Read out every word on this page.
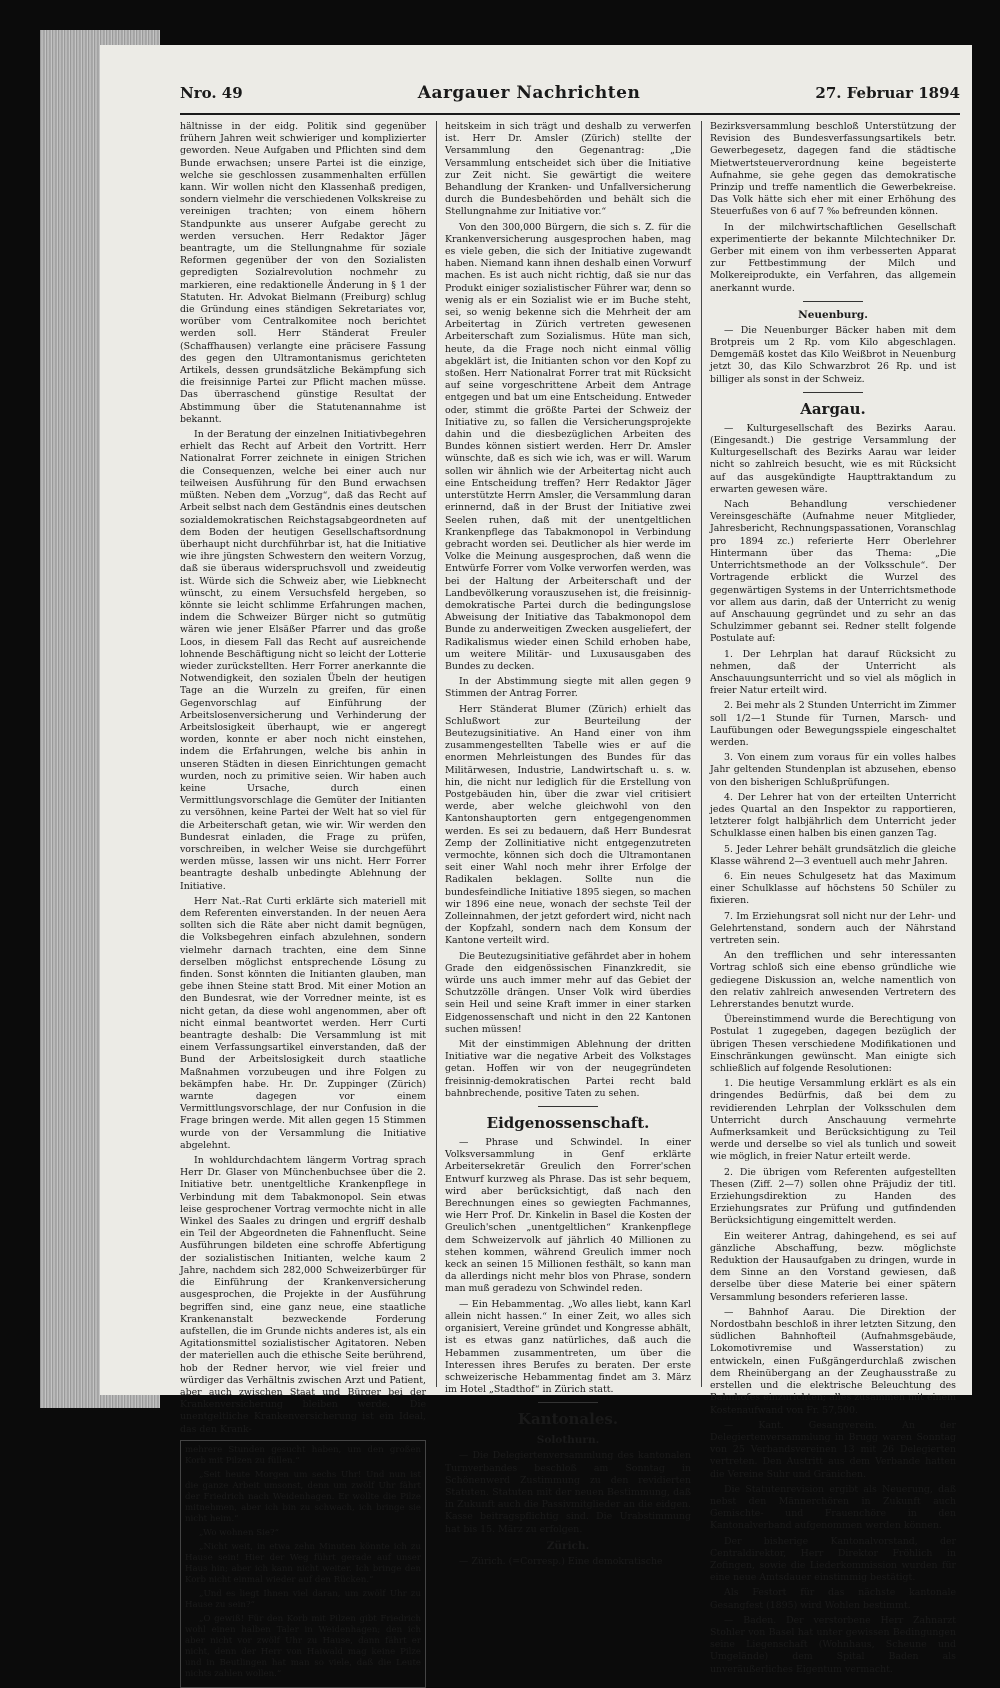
Nro. 49	Aargauer Nachrichten	27. Februar 1894

hältnisse in der eidg. Politik sind gegenüber frühern Jahren weit schwieriger und komplizierter geworden. Neue Aufgaben und Pflichten sind dem Bunde erwachsen; unsere Partei ist die einzige, welche sie geschlossen zusammenhalten erfüllen kann. Wir wollen nicht den Klassenhaß predigen, sondern vielmehr die verschiedenen Volkskreise zu vereinigen trachten; von einem höhern Standpunkte aus unserer Aufgabe gerecht zu werden versuchen. Herr Redaktor Jäger beantragte, um die Stellungnahme für soziale Reformen gegenüber der von den Sozialisten gepredigten Sozialrevolution nochmehr zu markieren, eine redaktionelle Änderung in § 1 der Statuten. Hr. Advokat Bielmann (Freiburg) schlug die Gründung eines ständigen Sekretariates vor, worüber vom Centralkomitee noch berichtet werden soll. Herr Ständerat Freuler (Schaffhausen) verlangte eine präcisere Fassung des gegen den Ultramontanismus gerichteten Artikels, dessen grundsätzliche Bekämpfung sich die freisinnige Partei zur Pflicht machen müsse. Das überraschend günstige Resultat der Abstimmung über die Statutenannahme ist bekannt.

In der Beratung der einzelnen Initiativbegehren erhielt das Recht auf Arbeit den Vortritt. Herr Nationalrat Forrer zeichnete in einigen Strichen die Consequenzen, welche bei einer auch nur teilweisen Ausführung für den Bund erwachsen müßten. Neben dem „Vorzug“, daß das Recht auf Arbeit selbst nach dem Geständnis eines deutschen sozialdemokratischen Reichstagsabgeordneten auf dem Boden der heutigen Gesellschaftsordnung überhaupt nicht durchführbar ist, hat die Initiative wie ihre jüngsten Schwestern den weitern Vorzug, daß sie überaus widerspruchsvoll und zweideutig ist. Würde sich die Schweiz aber, wie Liebknecht wünscht, zu einem Versuchsfeld hergeben, so könnte sie leicht schlimme Erfahrungen machen, indem die Schweizer Bürger nicht so gutmütig wären wie jener Elsäßer Pfarrer und das große Loos, in diesem Fall das Recht auf ausreichende lohnende Beschäftigung nicht so leicht der Lotterie wieder zurückstellten. Herr Forrer anerkannte die Notwendigkeit, den sozialen Übeln der heutigen Tage an die Wurzeln zu greifen, für einen Gegenvorschlag auf Einführung der Arbeitslosenversicherung und Verhinderung der Arbeitslosigkeit überhaupt, wie er angeregt worden, konnte er aber noch nicht einstehen, indem die Erfahrungen, welche bis anhin in unseren Städten in diesen Einrichtungen gemacht wurden, noch zu primitive seien. Wir haben auch keine Ursache, durch einen Vermittlungsvorschlage die Gemüter der Initianten zu versöhnen, keine Partei der Welt hat so viel für die Arbeiterschaft getan, wie wir. Wir werden den Bundesrat einladen, die Frage zu prüfen, vorschreiben, in welcher Weise sie durchgeführt werden müsse, lassen wir uns nicht. Herr Forrer beantragte deshalb unbedingte Ablehnung der Initiative.

Herr Nat.-Rat Curti erklärte sich materiell mit dem Referenten einverstanden. In der neuen Aera sollten sich die Räte aber nicht damit begnügen, die Volksbegehren einfach abzulehnen, sondern vielmehr darnach trachten, eine dem Sinne derselben möglichst entsprechende Lösung zu finden. Sonst könnten die Initianten glauben, man gebe ihnen Steine statt Brod. Mit einer Motion an den Bundesrat, wie der Vorredner meinte, ist es nicht getan, da diese wohl angenommen, aber oft nicht einmal beantwortet werden. Herr Curti beantragte deshalb: Die Versammlung ist mit einem Verfassungsartikel einverstanden, daß der Bund der Arbeitslosigkeit durch staatliche Maßnahmen vorzubeugen und ihre Folgen zu bekämpfen habe. Hr. Dr. Zuppinger (Zürich) warnte dagegen vor einem Vermittlungsvorschlage, der nur Confusion in die Frage bringen werde. Mit allen gegen 15 Stimmen wurde von der Versammlung die Initiative abgelehnt.

In wohldurchdachtem längerm Vortrag sprach Herr Dr. Glaser von Münchenbuchsee über die 2. Initiative betr. unentgeltliche Krankenpflege in Verbindung mit dem Tabakmonopol. Sein etwas leise gesprochener Vortrag vermochte nicht in alle Winkel des Saales zu dringen und ergriff deshalb ein Teil der Abgeordneten die Fahnenflucht. Seine Ausführungen bildeten eine schroffe Abfertigung der sozialistischen Initianten, welche kaum 2 Jahre, nachdem sich 282,000 Schweizerbürger für die Einführung der Krankenversicherung ausgesprochen, die Projekte in der Ausführung begriffen sind, eine ganz neue, eine staatliche Krankenanstalt bezweckende Forderung aufstellen, die im Grunde nichts anderes ist, als ein Agitationsmittel sozialistischer Agitatoren. Neben der materiellen auch die ethische Seite berührend, hob der Redner hervor, wie viel freier und würdiger das Verhältnis zwischen Arzt und Patient, aber auch zwischen Staat und Bürger bei der Krankenversicherung bleiben werde. Die unentgeltliche Krankenversicherung ist ein Ideal, das den Krank-

mehrere Stunden gesucht haben, um den großen Korb mit Pilzen zu füllen.“

„Seit heute Morgen um sechs Uhr! Und nun ist die ganze Arbeit umsonst, denn um zwölf Uhr fährt der Friedrich nach Weidenhagen. Er wollte die Pilze mitnehmen, aber ich bin zu schwach, ich bringe sie nicht heim.“

„Wo wohnen Sie?“

„Nicht weit, in etwa zehn Minuten könnte ich zu Hause sein! Hier der Weg führt gerade auf unser Haus hin; aber ich kann nicht weiter. Ich bringe den Korb nicht einmal wieder auf den Rücken.“

„Und es liegt Ihnen viel daran, um zwölf Uhr zu Hause zu sein?“

„O gewiß! Für den Korb mit Pilzen gibt Friedrich wohl einen halben Taler in Weidenhagen; den ich aber nicht vor zwölf Uhr zu Hause, dann fährt er nicht, denn der Herr von Haiwald mag keine Pilze und in Beutlingen hat man so viele, daß die Leute nichts zahlen wollen.“

heitskeim in sich trägt und deshalb zu verwerfen ist. Herr Dr. Amsler (Zürich) stellte der Versammlung den Gegenantrag: „Die Versammlung entscheidet sich über die Initiative zur Zeit nicht. Sie gewärtigt die weitere Behandlung der Kranken- und Unfallversicherung durch die Bundesbehörden und behält sich die Stellungnahme zur Initiative vor.“

Von den 300,000 Bürgern, die sich s. Z. für die Krankenversicherung ausgesprochen haben, mag es viele geben, die sich der Initiative zugewandt haben. Niemand kann ihnen deshalb einen Vorwurf machen. Es ist auch nicht richtig, daß sie nur das Produkt einiger sozialistischer Führer war, denn so wenig als er ein Sozialist wie er im Buche steht, sei, so wenig bekenne sich die Mehrheit der am Arbeitertag in Zürich vertreten gewesenen Arbeiterschaft zum Sozialismus. Hüte man sich, heute, da die Frage noch nicht einmal völlig abgeklärt ist, die Initianten schon vor den Kopf zu stoßen. Herr Nationalrat Forrer trat mit Rücksicht auf seine vorgeschrittene Arbeit dem Antrage entgegen und bat um eine Entscheidung. Entweder oder, stimmt die größte Partei der Schweiz der Initiative zu, so fallen die Versicherungsprojekte dahin und die diesbezüglichen Arbeiten des Bundes können sistiert werden. Herr Dr. Amsler wünschte, daß es sich wie ich, was er will. Warum sollen wir ähnlich wie der Arbeitertag nicht auch eine Entscheidung treffen? Herr Redaktor Jäger unterstützte Herrn Amsler, die Versammlung daran erinnernd, daß in der Brust der Initiative zwei Seelen ruhen, daß mit der unentgeltlichen Krankenpflege das Tabakmonopol in Verbindung gebracht worden sei. Deutlicher als hier werde im Volke die Meinung ausgesprochen, daß wenn die Entwürfe Forrer vom Volke verworfen werden, was bei der Haltung der Arbeiterschaft und der Landbevölkerung vorauszusehen ist, die freisinnig-demokratische Partei durch die bedingungslose Abweisung der Initiative das Tabakmonopol dem Bunde zu anderweitigen Zwecken ausgeliefert, der Radikalismus wieder einen Schild erhoben habe, um weitere Militär- und Luxusausgaben des Bundes zu decken.

In der Abstimmung siegte mit allen gegen 9 Stimmen der Antrag Forrer.

Herr Ständerat Blumer (Zürich) erhielt das Schlußwort zur Beurteilung der Beutezugsinitiative. An Hand einer von ihm zusammengestellten Tabelle wies er auf die enormen Mehrleistungen des Bundes für das Militärwesen, Industrie, Landwirtschaft u. s. w. hin, die nicht nur lediglich für die Erstellung von Postgebäuden hin, über die zwar viel critisiert werde, aber welche gleichwohl von den Kantonshauptorten gern entgegengenommen werden. Es sei zu bedauern, daß Herr Bundesrat Zemp der Zollinitiative nicht entgegenzutreten vermochte, können sich doch die Ultramontanen seit einer Wahl noch mehr ihrer Erfolge der Radikalen beklagen. Sollte nun die bundesfeindliche Initiative 1895 siegen, so machen wir 1896 eine neue, wonach der sechste Teil der Zolleinnahmen, der jetzt gefordert wird, nicht nach der Kopfzahl, sondern nach dem Konsum der Kantone verteilt wird.

Die Beutezugsinitiative gefährdet aber in hohem Grade den eidgenössischen Finanzkredit, sie würde uns auch immer mehr auf das Gebiet der Schutzzölle drängen. Unser Volk wird überdies sein Heil und seine Kraft immer in einer starken Eidgenossenschaft und nicht in den 22 Kantonen suchen müssen!

Mit der einstimmigen Ablehnung der dritten Initiative war die negative Arbeit des Volkstages getan. Hoffen wir von der neugegründeten freisinnig-demokratischen Partei recht bald bahnbrechende, positive Taten zu sehen.

Eidgenossenschaft.

— Phrase und Schwindel. In einer Volksversammlung in Genf erklärte Arbeitersekretär Greulich den Forrer'schen Entwurf kurzweg als Phrase. Das ist sehr bequem, wird aber berücksichtigt, daß nach den Berechnungen eines so gewiegten Fachmannes, wie Herr Prof. Dr. Kinkelin in Basel die Kosten der Greulich'schen „unentgeltlichen“ Krankenpflege dem Schweizervolk auf jährlich 40 Millionen zu stehen kommen, während Greulich immer noch keck an seinen 15 Millionen festhält, so kann man da allerdings nicht mehr blos von Phrase, sondern man muß geradezu von Schwindel reden.

— Ein Hebammentag. „Wo alles liebt, kann Karl allein nicht hassen.“ In einer Zeit, wo alles sich organisiert, Vereine gründet und Kongresse abhält, ist es etwas ganz natürliches, daß auch die Hebammen zusammentreten, um über die Interessen ihres Berufes zu beraten. Der erste schweizerische Hebammentag findet am 3. März im Hotel „Stadthof“ in Zürich statt.

Kantonales.
Solothurn.

— Die Delegiertenversammlung des kantonalen Turnverbandes beschloß am Sonntag in Schönenwerd Zustimmung zu den revidierten Statuten. Statuten mit der neuen Bestimmung, daß in Zukunft auch die Passivmitglieder an die eidgen. Kasse beitragspflichtig sind. Die Urabstimmung hat bis 15. März zu erfolgen.

Zürich.

— Zürich. (=Corresp.) Eine demokratische

Bezirksversammlung beschloß Unterstützung der Revision des Bundesverfassungsartikels betr. Gewerbegesetz, dagegen fand die städtische Mietwertsteuerverordnung keine begeisterte Aufnahme, sie gehe gegen das demokratische Prinzip und treffe namentlich die Gewerbekreise. Das Volk hätte sich eher mit einer Erhöhung des Steuerfußes von 6 auf 7 ‰ befreunden können.

In der milchwirtschaftlichen Gesellschaft experimentierte der bekannte Milchtechniker Dr. Gerber mit einem von ihm verbesserten Apparat zur Fettbestimmung der Milch und Molkereiprodukte, ein Verfahren, das allgemein anerkannt wurde.

Neuenburg.

— Die Neuenburger Bäcker haben mit dem Brotpreis um 2 Rp. vom Kilo abgeschlagen. Demgemäß kostet das Kilo Weißbrot in Neuenburg jetzt 30, das Kilo Schwarzbrot 26 Rp. und ist billiger als sonst in der Schweiz.

Aargau.

— Kulturgesellschaft des Bezirks Aarau. (Eingesandt.) Die gestrige Versammlung der Kulturgesellschaft des Bezirks Aarau war leider nicht so zahlreich besucht, wie es mit Rücksicht auf das ausgekündigte Haupttraktandum zu erwarten gewesen wäre.

Nach Behandlung verschiedener Vereinsgeschäfte (Aufnahme neuer Mitglieder, Jahresbericht, Rechnungspassationen, Voranschlag pro 1894 zc.) referierte Herr Oberlehrer Hintermann über das Thema: „Die Unterrichtsmethode an der Volksschule“. Der Vortragende erblickt die Wurzel des gegenwärtigen Systems in der Unterrichtsmethode vor allem aus darin, daß der Unterricht zu wenig auf Anschauung gegründet und zu sehr an das Schulzimmer gebannt sei. Redner stellt folgende Postulate auf:

1. Der Lehrplan hat darauf Rücksicht zu nehmen, daß der Unterricht als Anschauungsunterricht und so viel als möglich in freier Natur erteilt wird.

2. Bei mehr als 2 Stunden Unterricht im Zimmer soll 1/2—1 Stunde für Turnen, Marsch- und Laufübungen oder Bewegungsspiele eingeschaltet werden.

3. Von einem zum voraus für ein volles halbes Jahr geltenden Stundenplan ist abzusehen, ebenso von den bisherigen Schlußprüfungen.

4. Der Lehrer hat von der erteilten Unterricht jedes Quartal an den Inspektor zu rapportieren, letzterer folgt halbjährlich dem Unterricht jeder Schulklasse einen halben bis einen ganzen Tag.

5. Jeder Lehrer behält grundsätzlich die gleiche Klasse während 2—3 eventuell auch mehr Jahren.

6. Ein neues Schulgesetz hat das Maximum einer Schulklasse auf höchstens 50 Schüler zu fixieren.

7. Im Erziehungsrat soll nicht nur der Lehr- und Gelehrtenstand, sondern auch der Nährstand vertreten sein.

An den trefflichen und sehr interessanten Vortrag schloß sich eine ebenso gründliche wie gediegene Diskussion an, welche namentlich von den relativ zahlreich anwesenden Vertretern des Lehrerstandes benutzt wurde.

Übereinstimmend wurde die Berechtigung von Postulat 1 zugegeben, dagegen bezüglich der übrigen Thesen verschiedene Modifikationen und Einschränkungen gewünscht. Man einigte sich schließlich auf folgende Resolutionen:

1. Die heutige Versammlung erklärt es als ein dringendes Bedürfnis, daß bei dem zu revidierenden Lehrplan der Volksschulen dem Unterricht durch Anschauung vermehrte Aufmerksamkeit und Berücksichtigung zu Teil werde und derselbe so viel als tunlich und soweit wie möglich, in freier Natur erteilt werde.

2. Die übrigen vom Referenten aufgestellten Thesen (Ziff. 2—7) sollen ohne Präjudiz der titl. Erziehungsdirektion zu Handen des Erziehungsrates zur Prüfung und gutfindenden Berücksichtigung eingemittelt werden.

Ein weiterer Antrag, dahingehend, es sei auf gänzliche Abschaffung, bezw. möglichste Reduktion der Hausaufgaben zu dringen, wurde in dem Sinne an den Vorstand gewiesen, daß derselbe über diese Materie bei einer spätern Versammlung besonders referieren lasse.

— Bahnhof Aarau. Die Direktion der Nordostbahn beschloß in ihrer letzten Sitzung, den südlichen Bahnhofteil (Aufnahmsgebäude, Lokomotivremise und Wasserstation) zu entwickeln, einen Fußgängerdurchlaß zwischen dem Rheinübergang an der Zeughausstraße zu erstellen und die elektrische Beleuchtung des Bahnhofes einzurichten; alles zusammen mit einem Kostenaufwand von Fr. 57,500.

— Kant. Gesangverein. An der Delegiertenversammlung in Brugg waren Sonntag von 25 Verbandsvereinen 13 mit 26 Delegierten vertreten. Den Austritt aus dem Verbande hatten die Vereine Suhr und Gränichen.

Die Statutenrevision ergibt als Neuerung, daß nebst den Männerchören in Zukunft auch Gemischte- und Frauenchöre in den Kantonalverband aufgenommen werden können.

Der bisherige Kantonalvorstand, der Centraldirektor, Herr Direktor Fröhlich in Zofingen, sowie die Liederkommission wurden für eine neue Amtsdauer einstimmig bestätigt.

Als Festort für das nächste kantonale Gesangfest (1895) wird Wohlen bestimmt.

— Baden. Der verstorbene Herr Zahnarzt Stohler von Basel hat unter gewissen Bedingungen seine Liegenschaft (Wohnhaus, Scheune und Umgelände) dem Spital Baden als unveräußerliches Eigentum vermacht.
